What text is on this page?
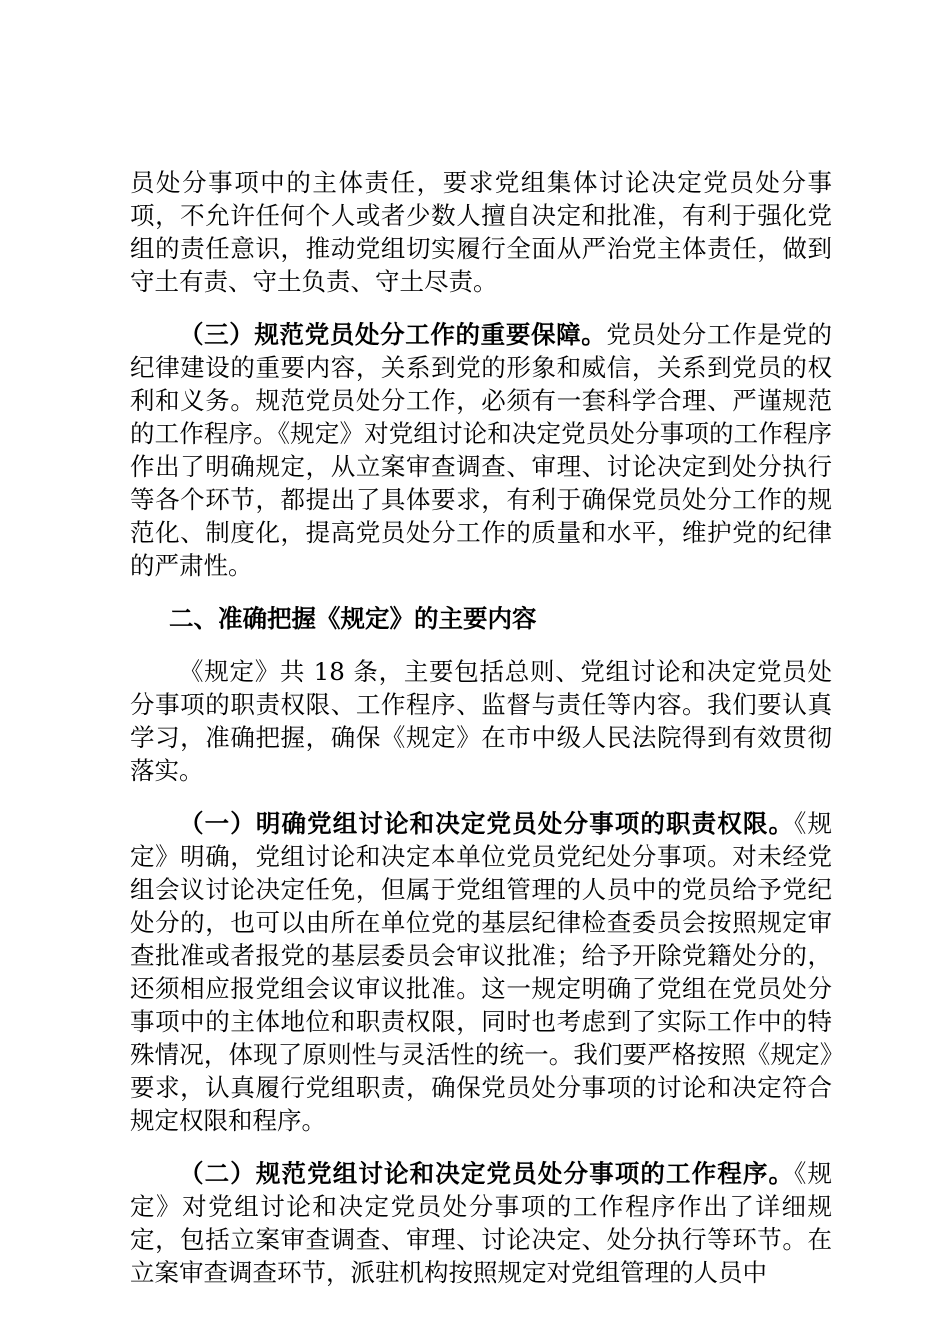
员处分事项中的主体责任，要求党组集体讨论决定党员处分事项，不允许任何个人或者少数人擅自决定和批准，有利于强化党组的责任意识，推动党组切实履行全面从严治党主体责任，做到守土有责、守土负责、守土尽责。

（三）规范党员处分工作的重要保障。党员处分工作是党的纪律建设的重要内容，关系到党的形象和威信，关系到党员的权利和义务。规范党员处分工作，必须有一套科学合理、严谨规范的工作程序。《规定》对党组讨论和决定党员处分事项的工作程序作出了明确规定，从立案审查调查、审理、讨论决定到处分执行等各个环节，都提出了具体要求，有利于确保党员处分工作的规范化、制度化，提高党员处分工作的质量和水平，维护党的纪律的严肃性。

二、准确把握《规定》的主要内容

《规定》共 18 条，主要包括总则、党组讨论和决定党员处分事项的职责权限、工作程序、监督与责任等内容。我们要认真学习，准确把握，确保《规定》在市中级人民法院得到有效贯彻落实。

（一）明确党组讨论和决定党员处分事项的职责权限。《规定》明确，党组讨论和决定本单位党员党纪处分事项。对未经党组会议讨论决定任免，但属于党组管理的人员中的党员给予党纪处分的，也可以由所在单位党的基层纪律检查委员会按照规定审查批准或者报党的基层委员会审议批准；给予开除党籍处分的，还须相应报党组会议审议批准。这一规定明确了党组在党员处分事项中的主体地位和职责权限，同时也考虑到了实际工作中的特殊情况，体现了原则性与灵活性的统一。我们要严格按照《规定》要求，认真履行党组职责，确保党员处分事项的讨论和决定符合规定权限和程序。

（二）规范党组讨论和决定党员处分事项的工作程序。《规定》对党组讨论和决定党员处分事项的工作程序作出了详细规定，包括立案审查调查、审理、讨论决定、处分执行等环节。在立案审查调查环节，派驻机构按照规定对党组管理的人员中
